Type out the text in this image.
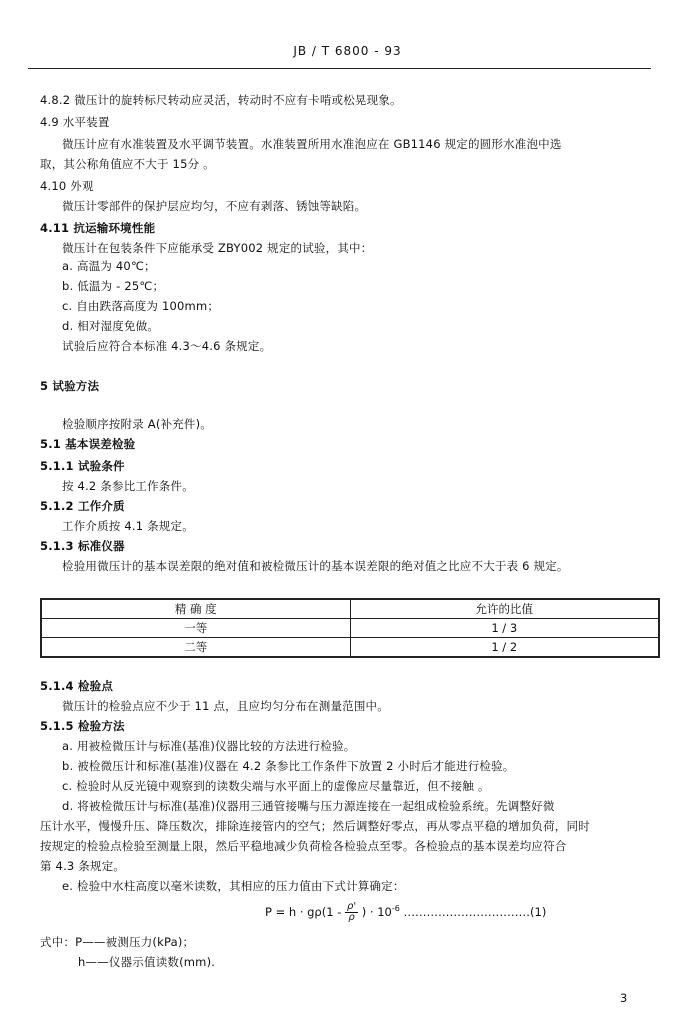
JB / T 6800 - 93
4.8.2 微压计的旋转标尺转动应灵活，转动时不应有卡啃或松晃现象。
4.9 水平装置
微压计应有水准装置及水平调节装置。水准装置所用水准泡应在 GB1146 规定的圆形水准泡中选
取，其公称角值应不大于 15分 。
4.10 外观
微压计零部件的保护层应均匀，不应有剥落、锈蚀等缺陷。
4.11 抗运输环境性能
微压计在包装条件下应能承受 ZBY002 规定的试验，其中：
a. 高温为 40℃；
b. 低温为 - 25℃；
c. 自由跌落高度为 100mm；
d. 相对湿度免做。
试验后应符合本标准 4.3～4.6 条规定。
5 试验方法
检验顺序按附录 A(补充件)。
5.1 基本误差检验
5.1.1 试验条件
按 4.2 条参比工作条件。
5.1.2 工作介质
工作介质按 4.1 条规定。
5.1.3 标准仪器
检验用微压计的基本误差限的绝对值和被检微压计的基本误差限的绝对值之比应不大于表 6 规定。
精 确 度	允许的比值
一等	1 / 3
二等	1 / 2
5.1.4 检验点
微压计的检验点应不少于 11 点，且应均匀分布在测量范围中。
5.1.5 检验方法
a. 用被检微压计与标准(基准)仪器比较的方法进行检验。
b. 被检微压计和标准(基准)仪器在 4.2 条参比工作条件下放置 2 小时后才能进行检验。
c. 检验时从反光镜中观察到的读数尖端与水平面上的虚像应尽量靠近，但不接触 。
d. 将被检微压计与标准(基准)仪器用三通管接嘴与压力源连接在一起组成检验系统。先调整好微
压计水平，慢慢升压、降压数次，排除连接管内的空气；然后调整好零点，再从零点平稳的增加负荷，同时
按规定的检验点检验至测量上限，然后平稳地减少负荷检各检验点至零。各检验点的基本误差均应符合
第 4.3 条规定。
e. 检验中水柱高度以毫米读数，其相应的压力值由下式计算确定：
$P = h \cdot g\rho(1 - \frac{\rho'}{\rho}$ ) · $10^{-6}$ ……………………………(1)
式中：P——被测压力(kPa)；
h——仪器示值读数(mm).
3
